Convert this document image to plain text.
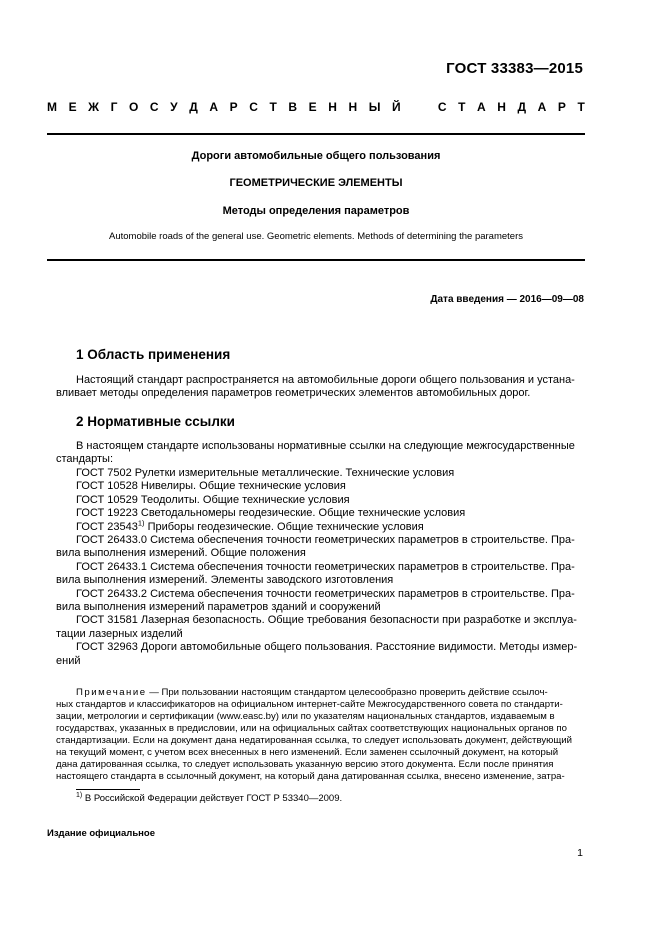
ГОСТ 33383—2015
М Е Ж Г О С У Д А Р С Т В Е Н Н Ы Й	С Т А Н Д А Р Т
Дороги автомобильные общего пользования
ГЕОМЕТРИЧЕСКИЕ ЭЛЕМЕНТЫ
Методы определения параметров
Automobile roads of the general use. Geometric elements. Methods of determining the parameters
Дата введения — 2016—09—08
1 Область применения
Настоящий стандарт распространяется на автомобильные дороги общего пользования и устана-
вливает методы определения параметров геометрических элементов автомобильных дорог.
2 Нормативные ссылки
В настоящем стандарте использованы нормативные ссылки на следующие межгосударственные
стандарты:
ГОСТ 7502 Рулетки измерительные металлические. Технические условия
ГОСТ 10528 Нивелиры. Общие технические условия
ГОСТ 10529 Теодолиты. Общие технические условия
ГОСТ 19223 Светодальномеры геодезические. Общие технические условия
ГОСТ 23543$^{1)}$ Приборы геодезические. Общие технические условия
ГОСТ 26433.0 Система обеспечения точности геометрических параметров в строительстве. Пра-
вила выполнения измерений. Общие положения
ГОСТ 26433.1 Система обеспечения точности геометрических параметров в строительстве. Пра-
вила выполнения измерений. Элементы заводского изготовления
ГОСТ 26433.2 Система обеспечения точности геометрических параметров в строительстве. Пра-
вила выполнения измерений параметров зданий и сооружений
ГОСТ 31581 Лазерная безопасность. Общие требования безопасности при разработке и эксплуа-
тации лазерных изделий
ГОСТ 32963 Дороги автомобильные общего пользования. Расстояние видимости. Методы измер-
ений
Примечание — При пользовании настоящим стандартом целесообразно проверить действие ссылоч-
ных стандартов и классификаторов на официальном интернет-сайте Межгосударственного совета по стандарти-
зации, метрологии и сертификации (www.easc.by) или по указателям национальных стандартов, издаваемым в
государствах, указанных в предисловии, или на официальных сайтах соответствующих национальных органов по
стандартизации. Если на документ дана недатированная ссылка, то следует использовать документ, действующий
на текущий момент, с учетом всех внесенных в него изменений. Если заменен ссылочный документ, на который
дана датированная ссылка, то следует использовать указанную версию этого документа. Если после принятия
настоящего стандарта в ссылочный документ, на который дана датированная ссылка, внесено изменение, затра-
$^{1)}$ В Российской Федерации действует ГОСТ Р 53340—2009.
Издание официальное
1
